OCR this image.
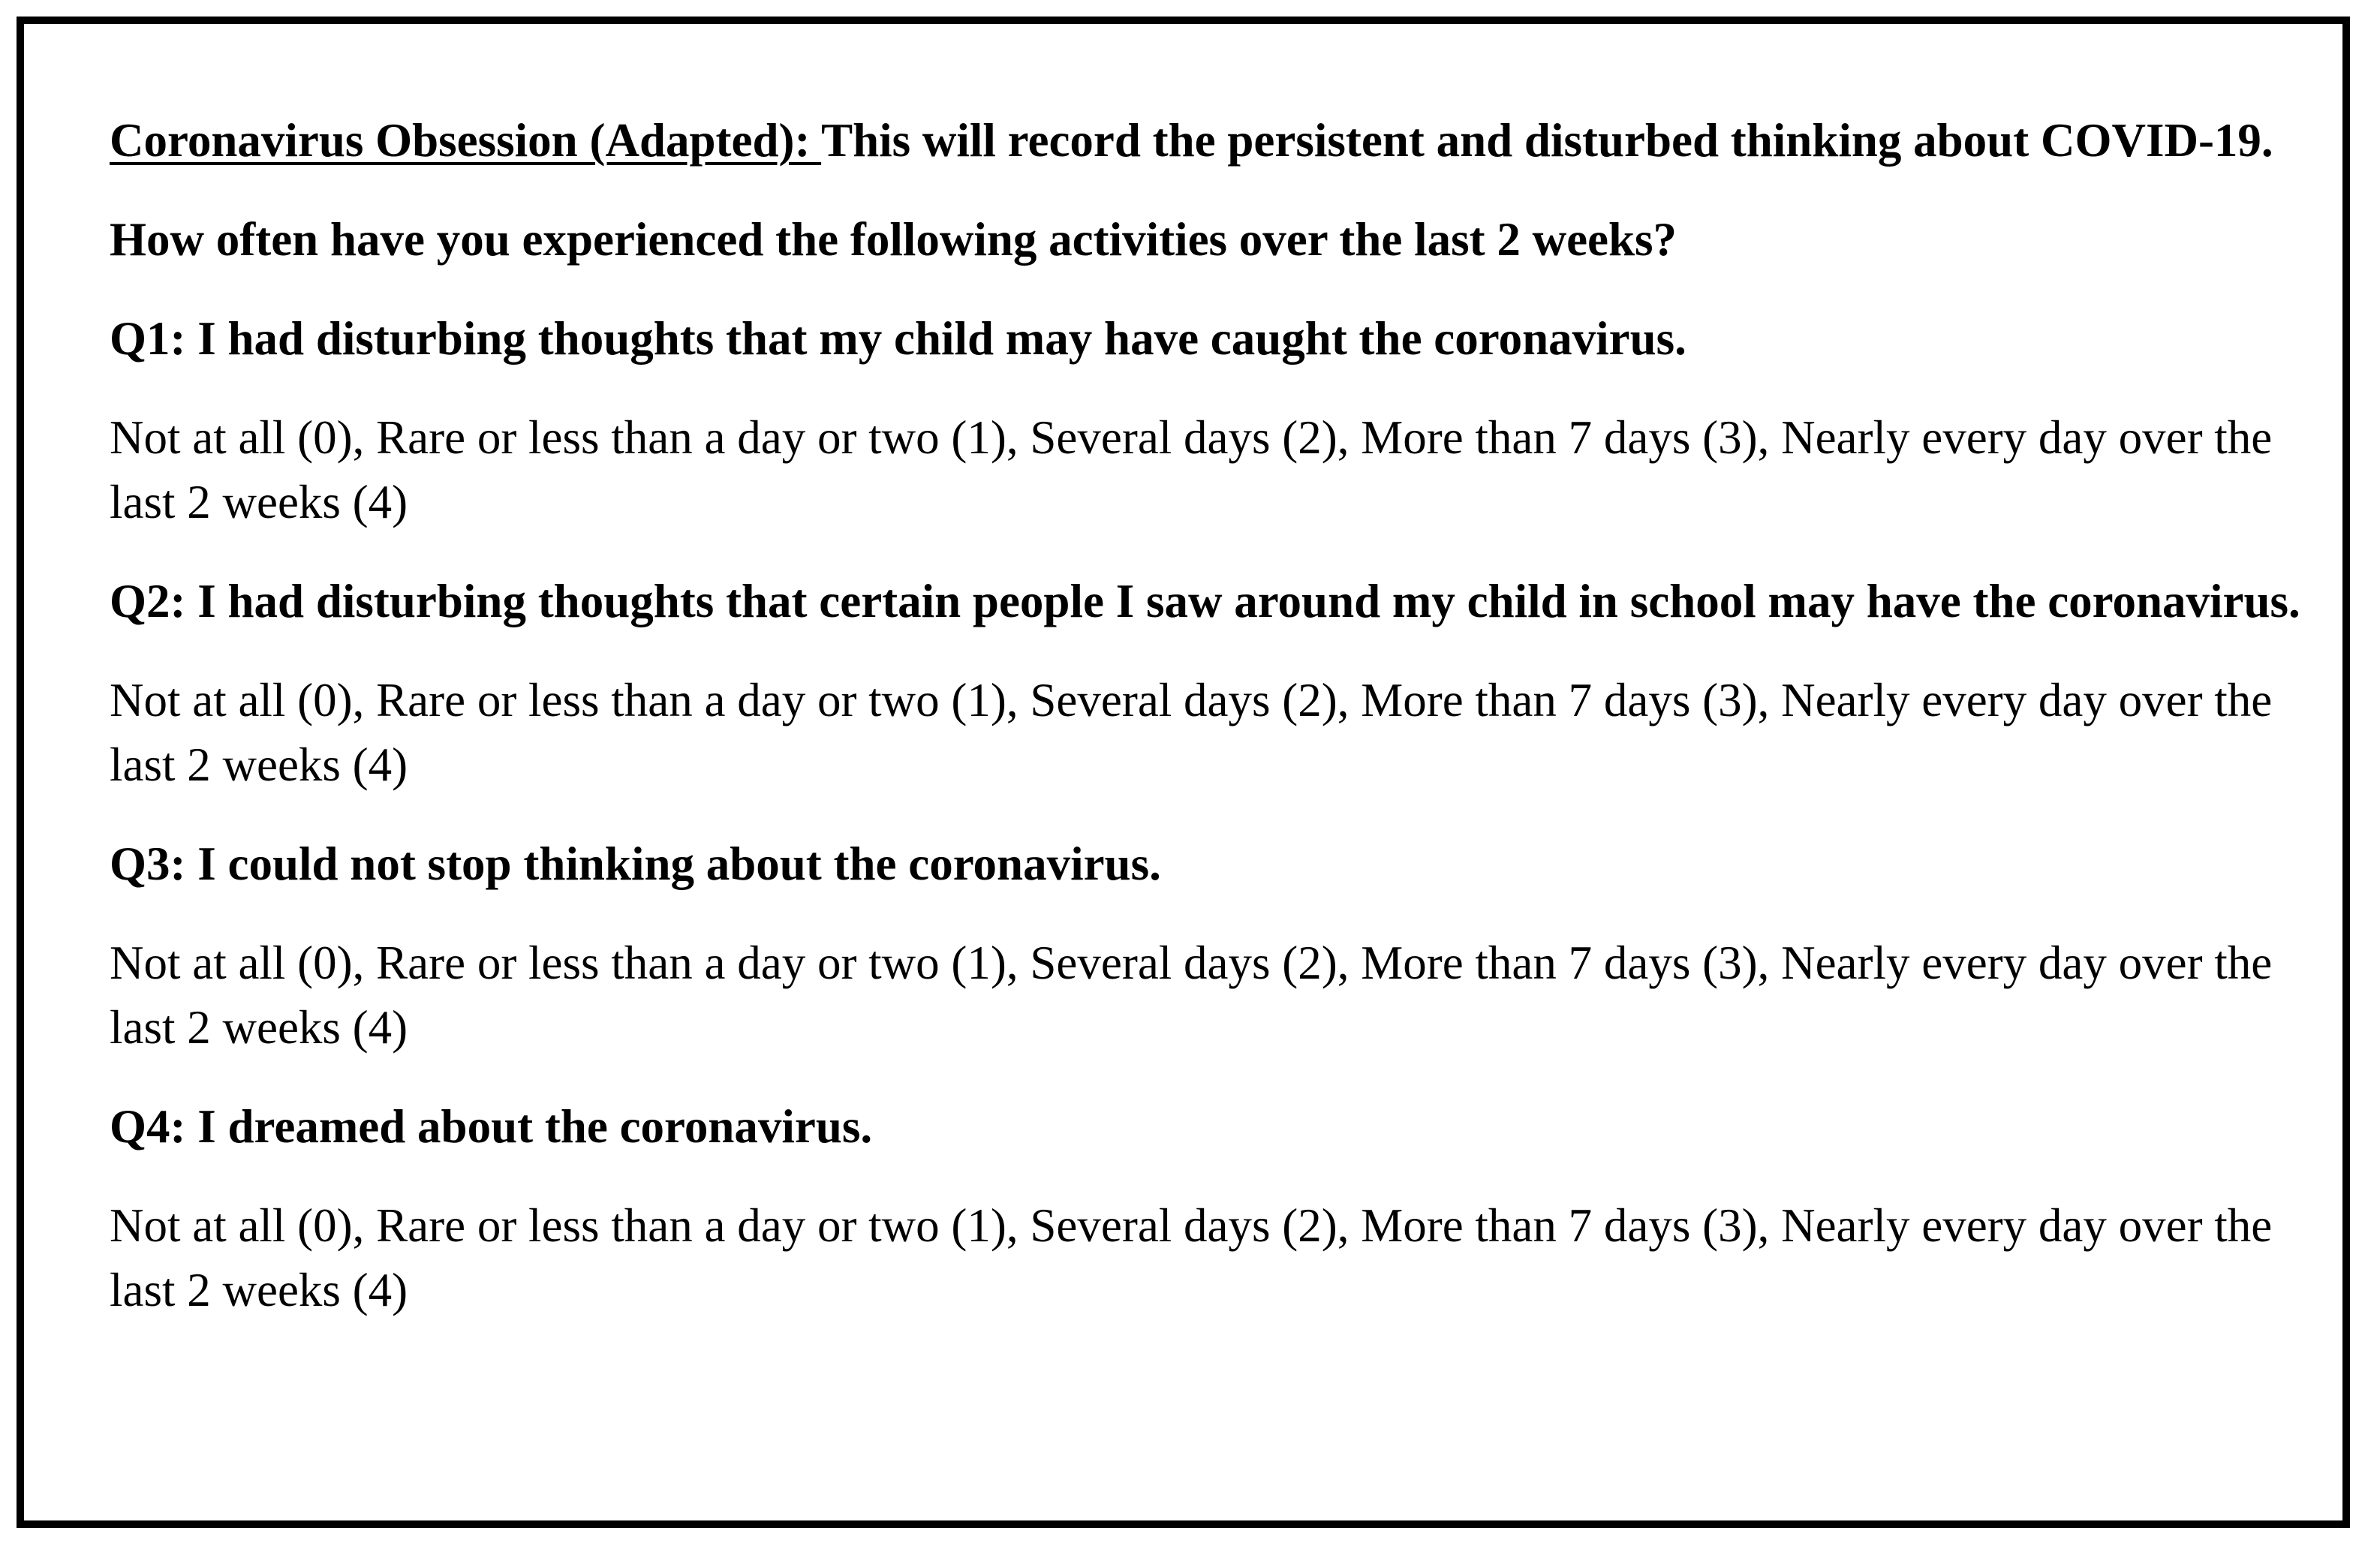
Coronavirus Obsession (Adapted): This will record the persistent and disturbed thinking about COVID-19.

How often have you experienced the following activities over the last 2 weeks?

Q1: I had disturbing thoughts that my child may have caught the coronavirus.

Not at all (0), Rare or less than a day or two (1), Several days (2), More than 7 days (3), Nearly every day over the last 2 weeks (4)

Q2: I had disturbing thoughts that certain people I saw around my child in school may have the coronavirus.

Not at all (0), Rare or less than a day or two (1), Several days (2), More than 7 days (3), Nearly every day over the last 2 weeks (4)

Q3: I could not stop thinking about the coronavirus.

Not at all (0), Rare or less than a day or two (1), Several days (2), More than 7 days (3), Nearly every day over the last 2 weeks (4)

Q4: I dreamed about the coronavirus.

Not at all (0), Rare or less than a day or two (1), Several days (2), More than 7 days (3), Nearly every day over the last 2 weeks (4)
